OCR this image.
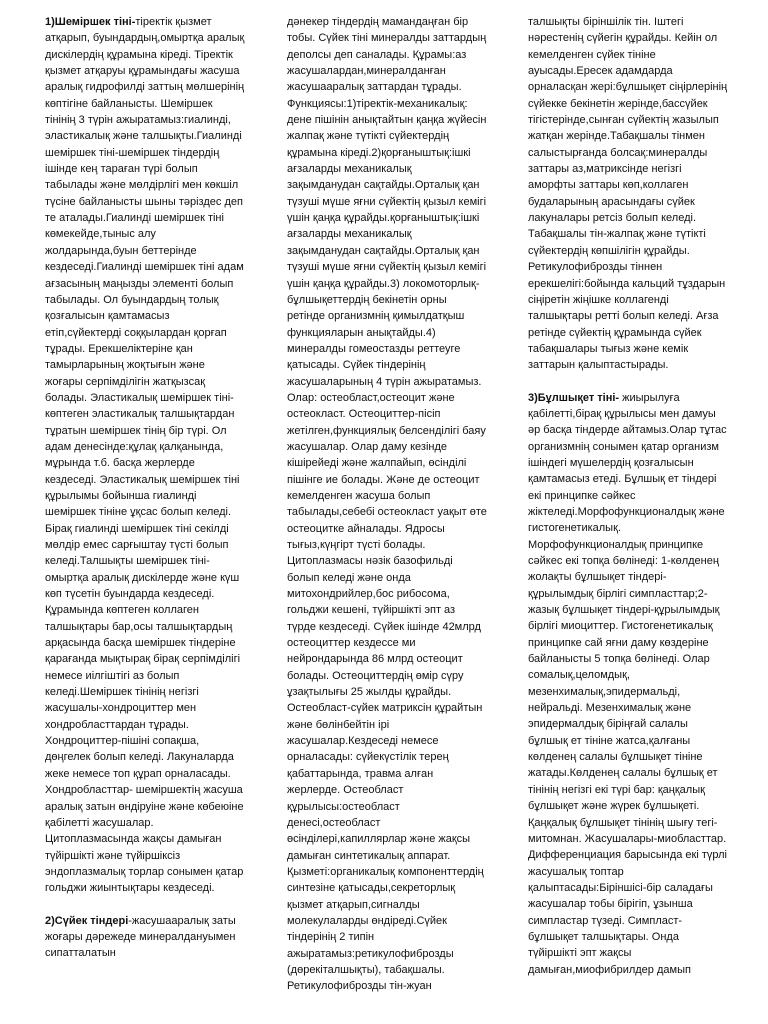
1)Шеміршек тіні-тіректік қызмет атқарып, буындардың,омыртқа аралық дискілердің құрамына кіреді. Тіректік қызмет атқаруы құрамындағы жасуша аралық гидрофилді заттың мөлшерінің көптігіне байланысты. Шеміршек тінінің 3 түрін ажыратамыз:гиалинді, эластикалық және талшықты.Гиалинді шеміршек тіні-шеміршек тіндердің ішінде кең тараған түрі болып табылады және мөлдірлігі мен көкшіл түсіне байланысты шыны тәрiздес деп те аталады.Гиалинді шеміршек тіні көмекейде,тыныс алу жолдарында,буын беттерінде кездеседі.Гиалинді шеміршек тіні адам ағзасының маңызды элементі болып табылады. Ол буындардың толық қозғалысын қамтамасыз етіп,сүйектерді соққылардан қорғап тұрады. Ерекшеліктеріне қан тамырларының жоқтығын және жоғары серпімділігін жатқызсақ болады. Эластикалық шеміршек тіні-көптеген эластикалық талшықтардан тұратын шеміршек тінің бір түрі. Ол адам денесінде:құлақ қалқанында, мұрында т.б. басқа жерлерде кездеседі. Эластикалық шеміршек тіні құрылымы бойынша гиалинді шеміршек тініне ұқсас болып келеді. Бірақ гиалинді шеміршек тіні секілді мөлдір емес сарғыштау түсті болып келеді.Талшықты шеміршек тіні- омыртқа аралық дискілерде және күш көп түсетін буындарда кездеседі. Құрамында көптеген коллаген талшықтары бар,осы талшықтардың арқасында басқа шеміршек тіндеріне қарағанда мықтырақ бірақ серпімділігі немесе иілгіштігі аз болып келеді.Шеміршек тінінің негізгі жасушалы-хондроциттер мен хондробласттардан тұрады. Хондроциттер-пішіні сопақша, дөңгелек болып келеді. Лакуналарда жеке немесе топ құрап орналасады. Хондробласттар- шеміршектің жасуша аралық затын өндіруіне және көбеюіне қабілетті жасушалар. Цитоплазмасында жақсы дамыған түйіршікті және түйіршіксіз эндоплазмалық торлар сонымен қатар гольджи жиынтықтары кездеседі.

2)Сүйек тіндері-жасушааралық заты жоғары дәрежеде минералдануымен сипатталатын

дәнекер тіндердің мамандаңған бір тобы. Сүйек тіні минералды заттардың деполсы деп саналады. Құрамы:аз жасушалардан,минералданған жасушааралық заттардан тұрады. Функциясы:1)тіректік-механикалық: дене пішінін анықтайтын қаңқа жүйесін жалпақ және түтікті сүйектердің құрамына кіреді.2)қорғаныштық:ішкі ағзаларды механикалық зақымданудан сақтайды.Орталық қан түзуші мүше яғни сүйектің қызыл кемігі үшін қаңқа құрайды.қорғаныштық:ішкі ағзаларды механикалық зақымданудан сақтайды.Орталық қан түзуші мүше яғни сүйектің қызыл кемігі үшін қаңқа құрайды.3) локомоторлық-бұлшықеттердің бекінетін орны ретінде организмнің қимылдатқыш функцияларын анықтайды.4) минералды гомеостазды реттеуге қатысады. Сүйек тіндерінің жасушаларының 4 түрін ажыратамыз. Олар: остеобласт,остеоцит және остеокласт. Остеоциттер-пісіп жетілген,функциялық белсенділігі баяу жасушалар. Олар даму кезінде кішірейеді және жалпайып, өсінділі пішінге ие болады. Және де остеоцит кемелденген жасуша болып табылады,себебі остеокласт уақыт өте остеоцитке айналады. Ядросы тығыз,күңгірт түсті болады. Цитоплазмасы нәзік базофильді болып келеді және онда митохондрийлер,бос рибосома, гольджи кешені, түйіршікті эпт аз түрде кездеседі. Сүйек ішінде 42млрд остеоциттер кездессе ми нейрондарында 86 млрд остеоцит болады. Остеоциттердің өмір сүру ұзақтылығы 25 жылды құрайды. Остеобласт-сүйек матриксін құрайтын және бөлінбейтін ірі жасушалар.Кездеседі немесе орналасады: сүйекүстілік терең қабаттарында, травма алған жерлерде. Остеобласт құрылысы:остеобласт денесі,остеобласт өсінділері,капиллярлар және жақсы дамыған синтетикалық аппарат. Қызметі:органикалық компоненттердің синтезіне қатысады,секреторлық қызмет атқарып,сигналды молекулаларды өндіреді.Сүйек тіндерінің 2 типін ажыратамыз:ретикулофиброзды (дөрекіталшықты), табақшалы. Ретикулофиброзды тін-жуан

талшықты біріншілік тін. Іштегі нәрестенің сүйегін құрайды. Кейін ол кемелденген сүйек тініне ауысады.Ересек адамдарда орналасқан жері:бұлшықет сіңірлерінің сүйекке бекінетін жерінде,бассүйек тігістерінде,сынған сүйектің жазылып жатқан жерінде.Табақшалы тінмен салыстырғанда болсақ:минералды заттары аз,матриксінде негізгі аморфты заттары көп,коллаген будаларының арасындағы сүйек лакуналары ретсіз болып келеді. Табақшалы тін-жалпақ және түтікті сүйектердің көпшілігін құрайды. Ретикулофиброзды тіннен ерекшелігі:бойында кальций тұздарын сіңіретін жіңішке коллагенді талшықтары ретті болып келеді. Ағза ретінде сүйектің құрамында сүйек табақшалары тығыз және кемік заттарын қалыптастырады.

3)Бұлшықет тіні- жиырылуға қабілетті,бірақ құрылысы мен дамуы әр басқа тіндерде айтамыз.Олар тұтас организмнің сонымен қатар организм ішіндегі мүшелердің қозғалысын қамтамасыз етеді. Бұлшық ет тіндері екі принципке сәйкес жіктеледі.Морфофункционалдық және гистогенетикалық. Морфофункционалдық принципке сәйкес екі топқа бөлінеді: 1-көлденең жолақты бұлшықет тіндері-құрылымдық бірлігі симпласттар;2-жазық бұлшықет тіндері-құрылымдық бірлігі миоциттер. Гистогенетикалық принципке сай яғни даму көздеріне байланысты 5 топқа бөлінеді. Олар сомалық,целомдық, мезенхималық,эпидермальді, нейральді. Мезенхималық және эпидермалдық біріңғай салалы бұлшық ет тініне жатса,қалғаны көлденең салалы бұлшықет тініне жатады.Көлденең салалы бұлшық ет тінінің негізгі екі түрі бар: қаңқалық бұлшықет және жүрек бұлшықеті. Қаңқалық бұлшықет тінінің шығу тегі-митомнан. Жасушалары-миобласттар. Дифференциация барысында екі түрлі жасушалық топтар қалыптасады:Біріншісі-бір саладағы жасушалар тобы бірігіп, ұзынша симпластар түзеді. Симпласт-бұлшықет талшықтары. Онда түйіршікті эпт жақсы дамыған,миофибрилдер дамып
